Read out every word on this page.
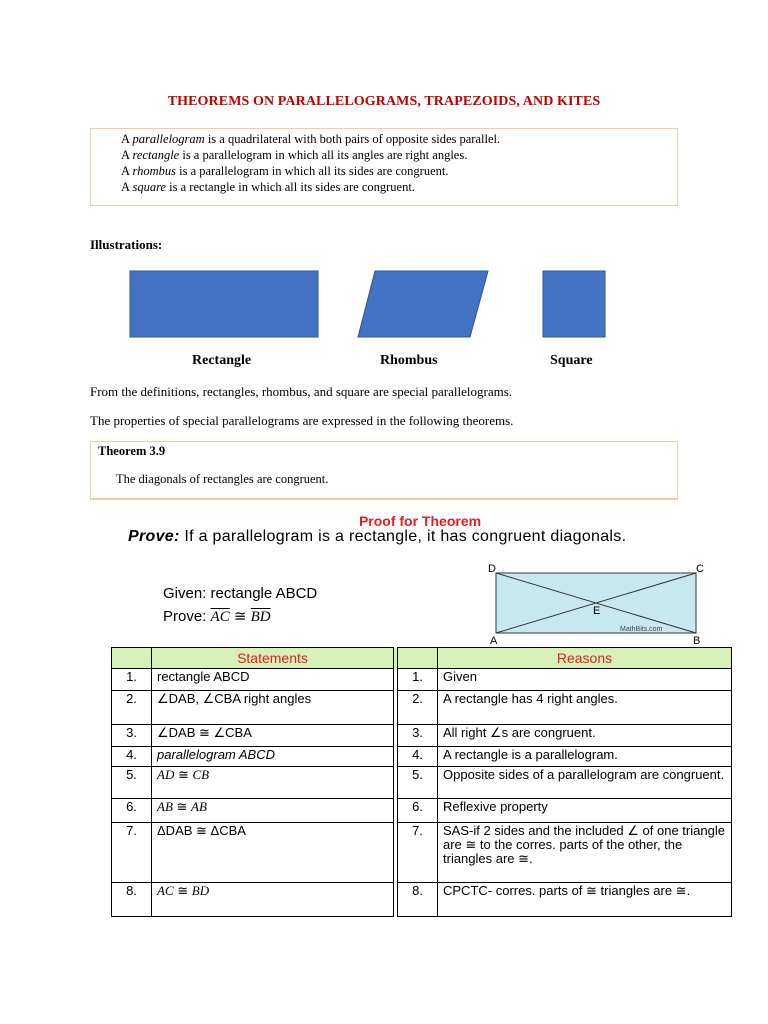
THEOREMS ON PARALLELOGRAMS, TRAPEZOIDS, AND KITES
A parallelogram is a quadrilateral with both pairs of opposite sides parallel.
A rectangle is a parallelogram in which all its angles are right angles.
A rhombus is a parallelogram in which all its sides are congruent.
A square is a rectangle in which all its sides are congruent.
Illustrations:
Rectangle	Rhombus	Square
From the definitions, rectangles, rhombus, and square are special parallelograms.
The properties of special parallelograms are expressed in the following theorems.
Theorem 3.9
The diagonals of rectangles are congruent.
Proof for Theorem
Prove: If a parallelogram is a rectangle, it has congruent diagonals.
Given: rectangle ABCD
Prove: $\overline{AC}$ ≅ $\overline{BD}$
D	C
A	B
E
MathBits.com
	Statements			Reasons
1.	rectangle ABCD		1.	Given
2.	∠DAB, ∠CBA right angles		2.	A rectangle has 4 right angles.
3.	∠DAB ≅ ∠CBA		3.	All right ∠s are congruent.
4.	parallelogram ABCD		4.	A rectangle is a parallelogram.
5.	$\overline{AD}$ ≅ $\overline{CB}$		5.	Opposite sides of a parallelogram are congruent.
6.	$\overline{AB}$ ≅ $\overline{AB}$		6.	Reflexive property
7.	ΔDAB ≅ ΔCBA		7.	SAS-if 2 sides and the included ∠ of one triangle are ≅ to the corres. parts of the other, the triangles are ≅.
8.	$\overline{AC}$ ≅ $\overline{BD}$		8.	CPCTC- corres. parts of ≅ triangles are ≅.
